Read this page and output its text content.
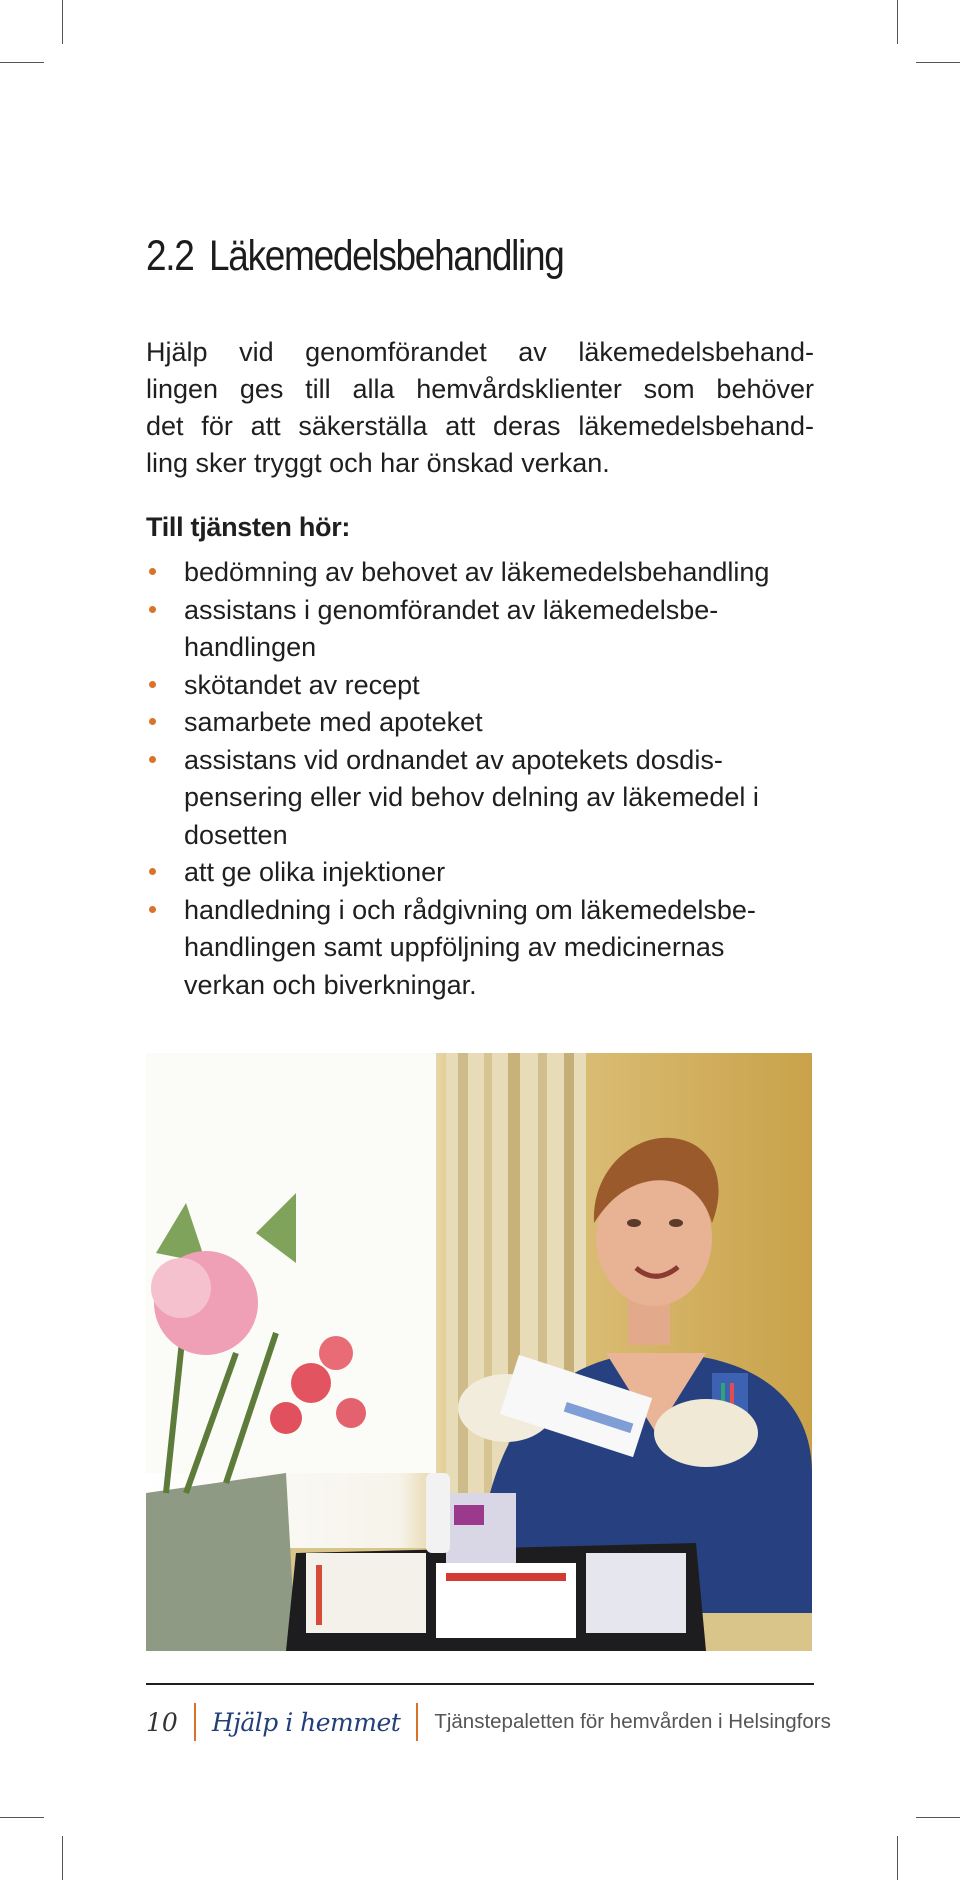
2.2 Läkemedelsbehandling
Hjälp vid genomförandet av läkemedelsbehand-
lingen ges till alla hemvårdsklienter som behöver
det för att säkerställa att deras läkemedelsbehand-
ling sker tryggt och har önskad verkan.
Till tjänsten hör:
bedömning av behovet av läkemedelsbehandling
assistans i genomförandet av läkemedelsbe-
handlingen
skötandet av recept
samarbete med apoteket
assistans vid ordnandet av apotekets dosdis-
pensering eller vid behov delning av läkemedel i
dosetten
att ge olika injektioner
handledning i och rådgivning om läkemedelsbe-
handlingen samt uppföljning av medicinernas
verkan och biverkningar.
10 Hjälp i hemmet Tjänstepaletten för hemvården i Helsingfors
